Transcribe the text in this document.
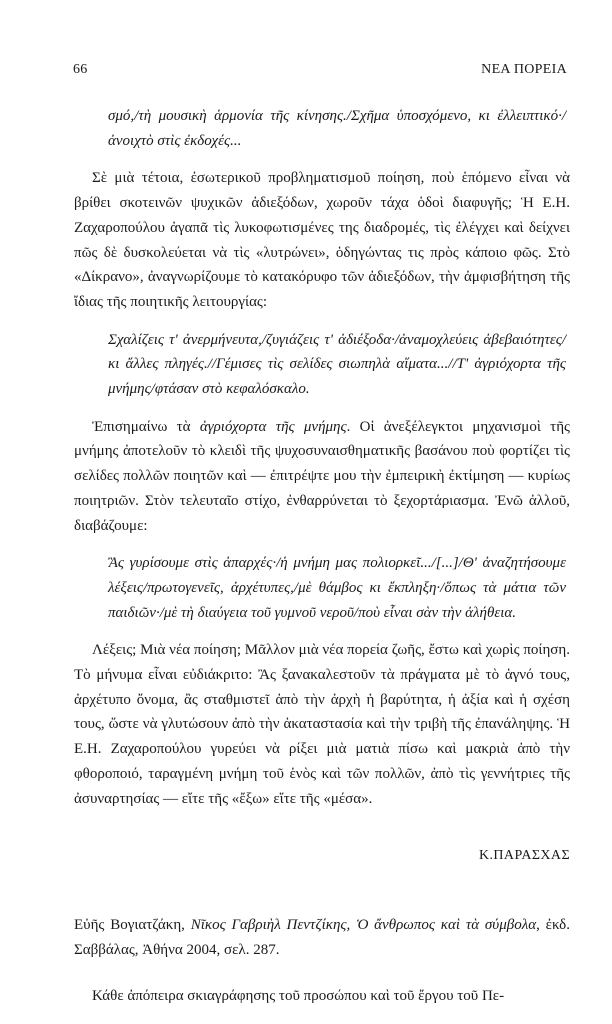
66	ΝΕΑ ΠΟΡΕΙΑ

σμό,/τὴ μουσικὴ ἁρμονία τῆς κίνησης./Σχῆμα ὑποσχόμενο, κι ἐλλειπτικό·/ἀνοιχτὸ στὶς ἐκδοχές...

Σὲ μιὰ τέτοια, ἐσωτερικοῦ προβληματισμοῦ ποίηση, ποὺ ἑπόμενο εἶναι νὰ βρίθει σκοτεινῶν ψυχικῶν ἀδιεξόδων, χωροῦν τάχα ὁδοὶ διαφυγῆς; Ἡ Ε.Η. Ζαχαροπούλου ἀγαπᾶ τὶς λυκοφωτισμένες της διαδρομές, τὶς ἐλέγχει καὶ δείχνει πῶς δὲ δυσκολεύεται νὰ τὶς «λυτρώνει», ὁδηγώντας τις πρὸς κάποιο φῶς. Στὸ «Δίκρανο», ἀναγνωρίζουμε τὸ κατακόρυφο τῶν ἀδιεξόδων, τὴν ἀμφισβήτηση τῆς ἴδιας τῆς ποιητικῆς λειτουργίας:

Σχαλίζεις τ' ἀνερμήνευτα,/ζυγιάζεις τ' ἀδιέξοδα·/ἀναμοχλεύεις ἀβεβαιότητες/κι ἄλλες πληγές.//Γέμισες τὶς σελίδες σιωπηλὰ αἵματα...//Τ' ἀγριόχορτα τῆς μνήμης/φτάσαν στὸ κεφαλόσκαλο.

Ἐπισημαίνω τὰ ἀγριόχορτα τῆς μνήμης. Οἱ ἀνεξέλεγκτοι μηχανισμοὶ τῆς μνήμης ἀποτελοῦν τὸ κλειδὶ τῆς ψυχοσυναισθηματικῆς βασάνου ποὺ φορτίζει τὶς σελίδες πολλῶν ποιητῶν καὶ — ἐπιτρέψτε μου τὴν ἐμπειρικὴ ἐκτίμηση — κυρίως ποιητριῶν. Στὸν τελευταῖο στίχο, ἐνθαρρύνεται τὸ ξεχορτάριασμα. Ἐνῶ ἀλλοῦ, διαβάζουμε:

Ἂς γυρίσουμε στὶς ἀπαρχές·/ἡ μνήμη μας πολιορκεῖ.../[...]/Θ' ἀναζητήσουμε λέξεις/πρωτογενεῖς, ἀρχέτυπες,/μὲ θάμβος κι ἔκπληξη·/ὅπως τὰ μάτια τῶν παιδιῶν·/μὲ τὴ διαύγεια τοῦ γυμνοῦ νεροῦ/ποὺ εἶναι σὰν τὴν ἀλήθεια.

Λέξεις; Μιὰ νέα ποίηση; Μᾶλλον μιὰ νέα πορεία ζωῆς, ἔστω καὶ χωρὶς ποίηση. Τὸ μήνυμα εἶναι εὐδιάκριτο: Ἂς ξανακαλεστοῦν τὰ πράγματα μὲ τὸ ἁγνό τους, ἀρχέτυπο ὄνομα, ἂς σταθμιστεῖ ἀπὸ τὴν ἀρχὴ ἡ βαρύτητα, ἡ ἀξία καὶ ἡ σχέση τους, ὥστε νὰ γλυτώσουν ἀπὸ τὴν ἀκαταστασία καὶ τὴν τριβὴ τῆς ἐπανάληψης. Ἡ Ε.Η. Ζαχαροπούλου γυρεύει νὰ ρίξει μιὰ ματιὰ πίσω καὶ μακριὰ ἀπὸ τὴν φθοροποιό, ταραγμένη μνήμη τοῦ ἑνὸς καὶ τῶν πολλῶν, ἀπὸ τὶς γεννήτριες τῆς ἀσυναρτησίας — εἴτε τῆς «ἔξω» εἴτε τῆς «μέσα».

Κ.ΠΑΡΑΣΧΑΣ

Εὐῆς Βογιατζάκη, Νῖκος Γαβριὴλ Πεντζίκης, Ὁ ἄνθρωπος καὶ τὰ σύμβολα, ἐκδ. Σαββάλας, Ἀθήνα 2004, σελ. 287.

Κάθε ἀπόπειρα σκιαγράφησης τοῦ προσώπου καὶ τοῦ ἔργου τοῦ Πε-
